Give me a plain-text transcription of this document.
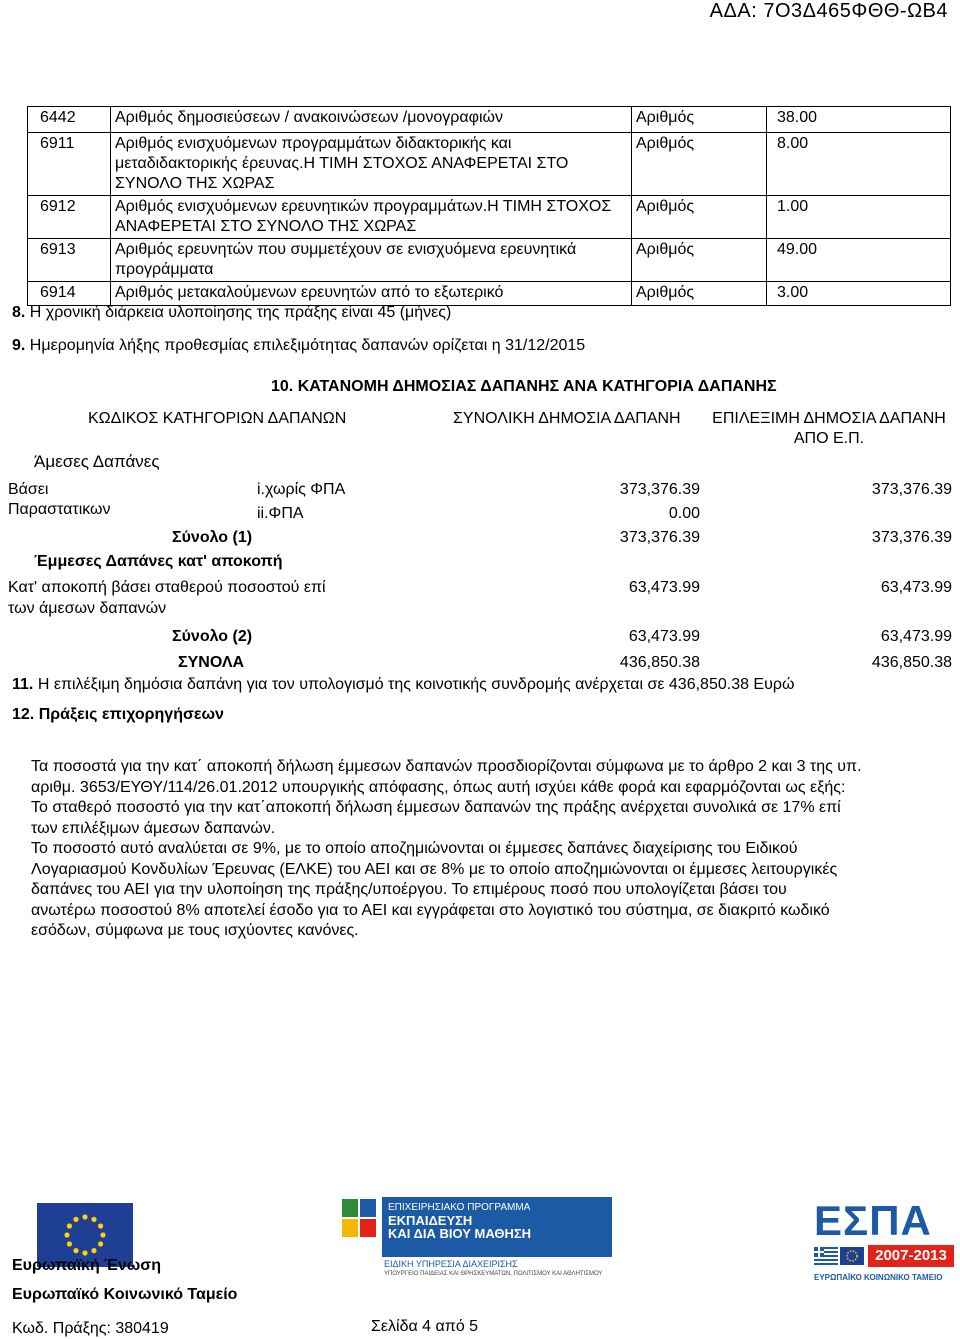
ΑΔΑ: 7Ο3Δ465ΦΘΘ-ΩΒ4
6442	Αριθμός δημοσιεύσεων / ανακοινώσεων /μονογραφιών	Αριθμός	38.00
6911	Αριθμός ενισχυόμενων προγραμμάτων διδακτορικής και μεταδιδακτορικής έρευνας.Η ΤΙΜΗ ΣΤΟΧΟΣ ΑΝΑΦΕΡΕΤΑΙ ΣΤΟ ΣΥΝΟΛΟ ΤΗΣ ΧΩΡΑΣ	Αριθμός	8.00
6912	Αριθμός ενισχυόμενων ερευνητικών προγραμμάτων.Η ΤΙΜΗ ΣΤΟΧΟΣ ΑΝΑΦΕΡΕΤΑΙ ΣΤΟ ΣΥΝΟΛΟ ΤΗΣ ΧΩΡΑΣ	Αριθμός	1.00
6913	Αριθμός ερευνητών που συμμετέχουν σε ενισχυόμενα ερευνητικά προγράμματα	Αριθμός	49.00
6914	Αριθμός μετακαλούμενων ερευνητών από το εξωτερικό	Αριθμός	3.00
8. Η χρονική διάρκεια υλοποίησης της πράξης είναι 45 (μήνες)
9. Ημερομηνία λήξης προθεσμίας επιλεξιμότητας δαπανών ορίζεται η 31/12/2015
10. ΚΑΤΑΝΟΜΗ ΔΗΜΟΣΙΑΣ ΔΑΠΑΝΗΣ ΑΝΑ ΚΑΤΗΓΟΡΙΑ ΔΑΠΑΝΗΣ
ΚΩΔΙΚΟΣ ΚΑΤΗΓΟΡΙΩΝ ΔΑΠΑΝΩΝ	ΣΥΝΟΛΙΚΗ ΔΗΜΟΣΙΑ ΔΑΠΑΝΗ	ΕΠΙΛΕΞΙΜΗ ΔΗΜΟΣΙΑ ΔΑΠΑΝΗ
ΑΠΟ Ε.Π.
Άμεσες Δαπάνες
Βάσει
Παραστατικων
i.χωρίς ΦΠΑ	373,376.39	373,376.39
ii.ΦΠΑ	0.00
Σύνολο (1)	373,376.39	373,376.39
Έμμεσες Δαπάνες κατ' αποκοπή
Κατ' αποκοπή βάσει σταθερού ποσοστού επί
των άμεσων δαπανών
63,473.99	63,473.99
Σύνολο (2)	63,473.99	63,473.99
ΣΥΝΟΛΑ	436,850.38	436,850.38
11. Η επιλέξιμη δημόσια δαπάνη για τον υπολογισμό της κοινοτικής συνδρομής ανέρχεται σε 436,850.38 Ευρώ
12. Πράξεις επιχορηγήσεων
Τα ποσοστά για την κατ΄ αποκοπή δήλωση έμμεσων δαπανών προσδιορίζονται σύμφωνα με το άρθρο 2 και 3 της υπ.
αριθμ. 3653/ΕΥΘΥ/114/26.01.2012 υπουργικής απόφασης, όπως αυτή ισχύει κάθε φορά και εφαρμόζονται ως εξής:
Το σταθερό ποσοστό για την κατ΄αποκοπή δήλωση έμμεσων δαπανών της πράξης ανέρχεται συνολικά σε 17% επί
των επιλέξιμων άμεσων δαπανών.
Το ποσοστό αυτό αναλύεται σε 9%, με το οποίο αποζημιώνονται οι έμμεσες δαπάνες διαχείρισης του Ειδικού
Λογαριασμού Κονδυλίων Έρευνας (ΕΛΚΕ) του ΑΕΙ και σε 8% με το οποίο αποζημιώνονται οι έμμεσες λειτουργικές
δαπάνες του ΑΕΙ για την υλοποίηση της πράξης/υποέργου. Το επιμέρους ποσό που υπολογίζεται βάσει του
ανωτέρω ποσοστού 8% αποτελεί έσοδο για το ΑΕΙ και εγγράφεται στο λογιστικό του σύστημα, σε διακριτό κωδικό
εσόδων, σύμφωνα με τους ισχύοντες κανόνες.
Ευρωπαϊκή Ένωση
Ευρωπαϊκό Κοινωνικό Ταμείο
ΕΠΙΧΕΙΡΗΣΙΑΚΟ ΠΡΟΓΡΑΜΜΑ
ΕΚΠΑΙΔΕΥΣΗ
ΚΑΙ ΔΙΑ ΒΙΟΥ ΜΑΘΗΣΗ
ΕΙΔΙΚΗ ΥΠΗΡΕΣΙΑ ΔΙΑΧΕΙΡΙΣΗΣ
ΥΠΟΥΡΓΕΙΟ ΠΑΙΔΕΙΑΣ ΚΑΙ ΘΡΗΣΚΕΥΜΑΤΩΝ, ΠΟΛΙΤΙΣΜΟΥ ΚΑΙ ΑΘΛΗΤΙΣΜΟΥ
ΕΣΠΑ
2007-2013
ΕΥΡΩΠΑΪΚΟ ΚΟΙΝΩΝΙΚΟ ΤΑΜΕΙΟ
Κωδ. Πράξης: 380419	Σελίδα 4 από 5
